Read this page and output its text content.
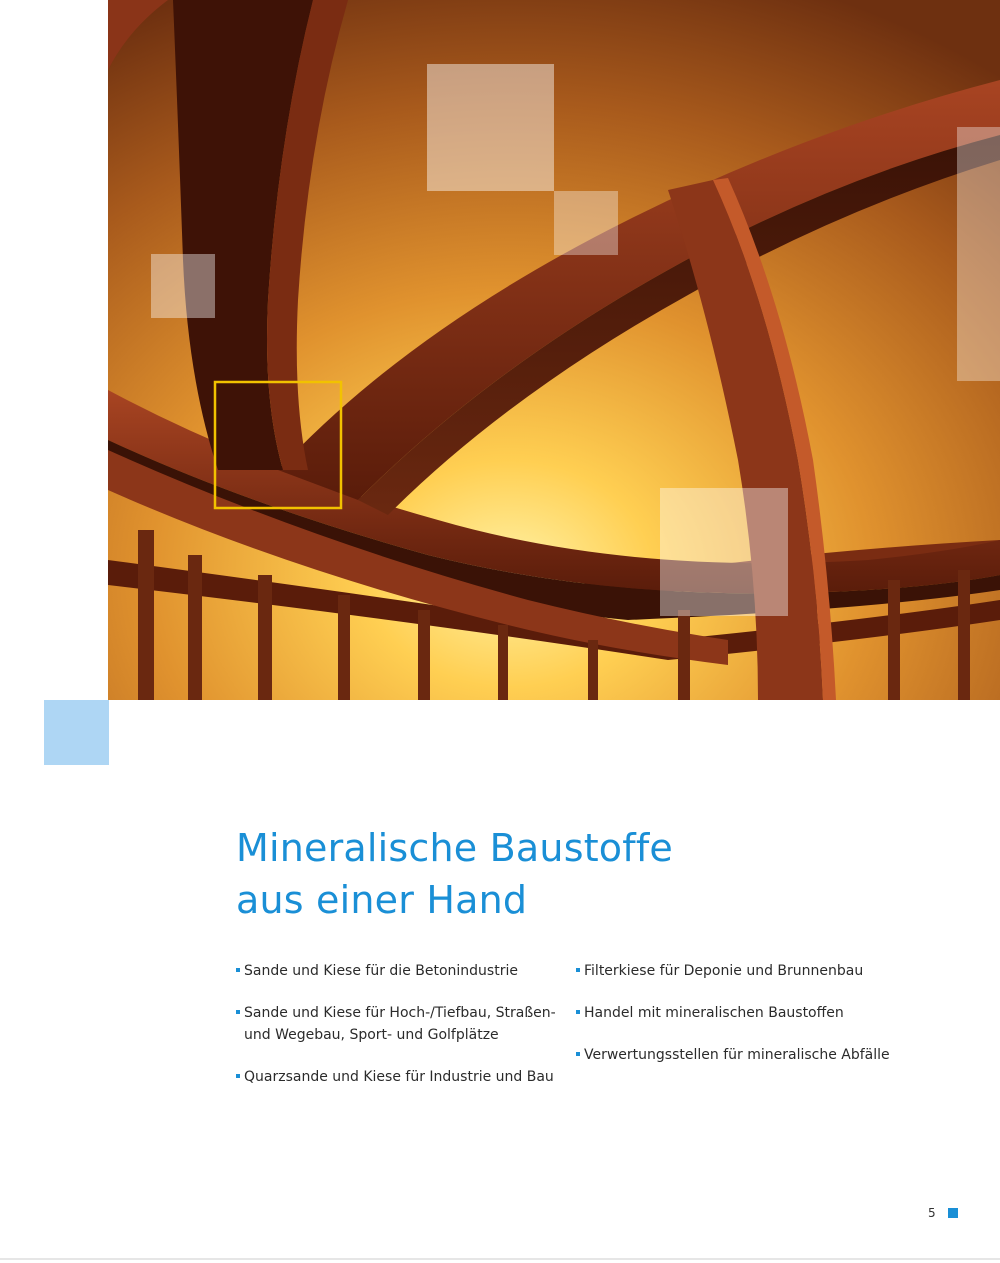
Mineralische Baustoffe
aus einer Hand
Sande und Kiese für die Betonindustrie
Sande und Kiese für Hoch-/Tiefbau, Straßen-
und Wegebau, Sport- und Golfplätze
Quarzsande und Kiese für Industrie und Bau
Filterkiese für Deponie und Brunnenbau
Handel mit mineralischen Baustoffen
Verwertungsstellen für mineralische Abfälle
5
